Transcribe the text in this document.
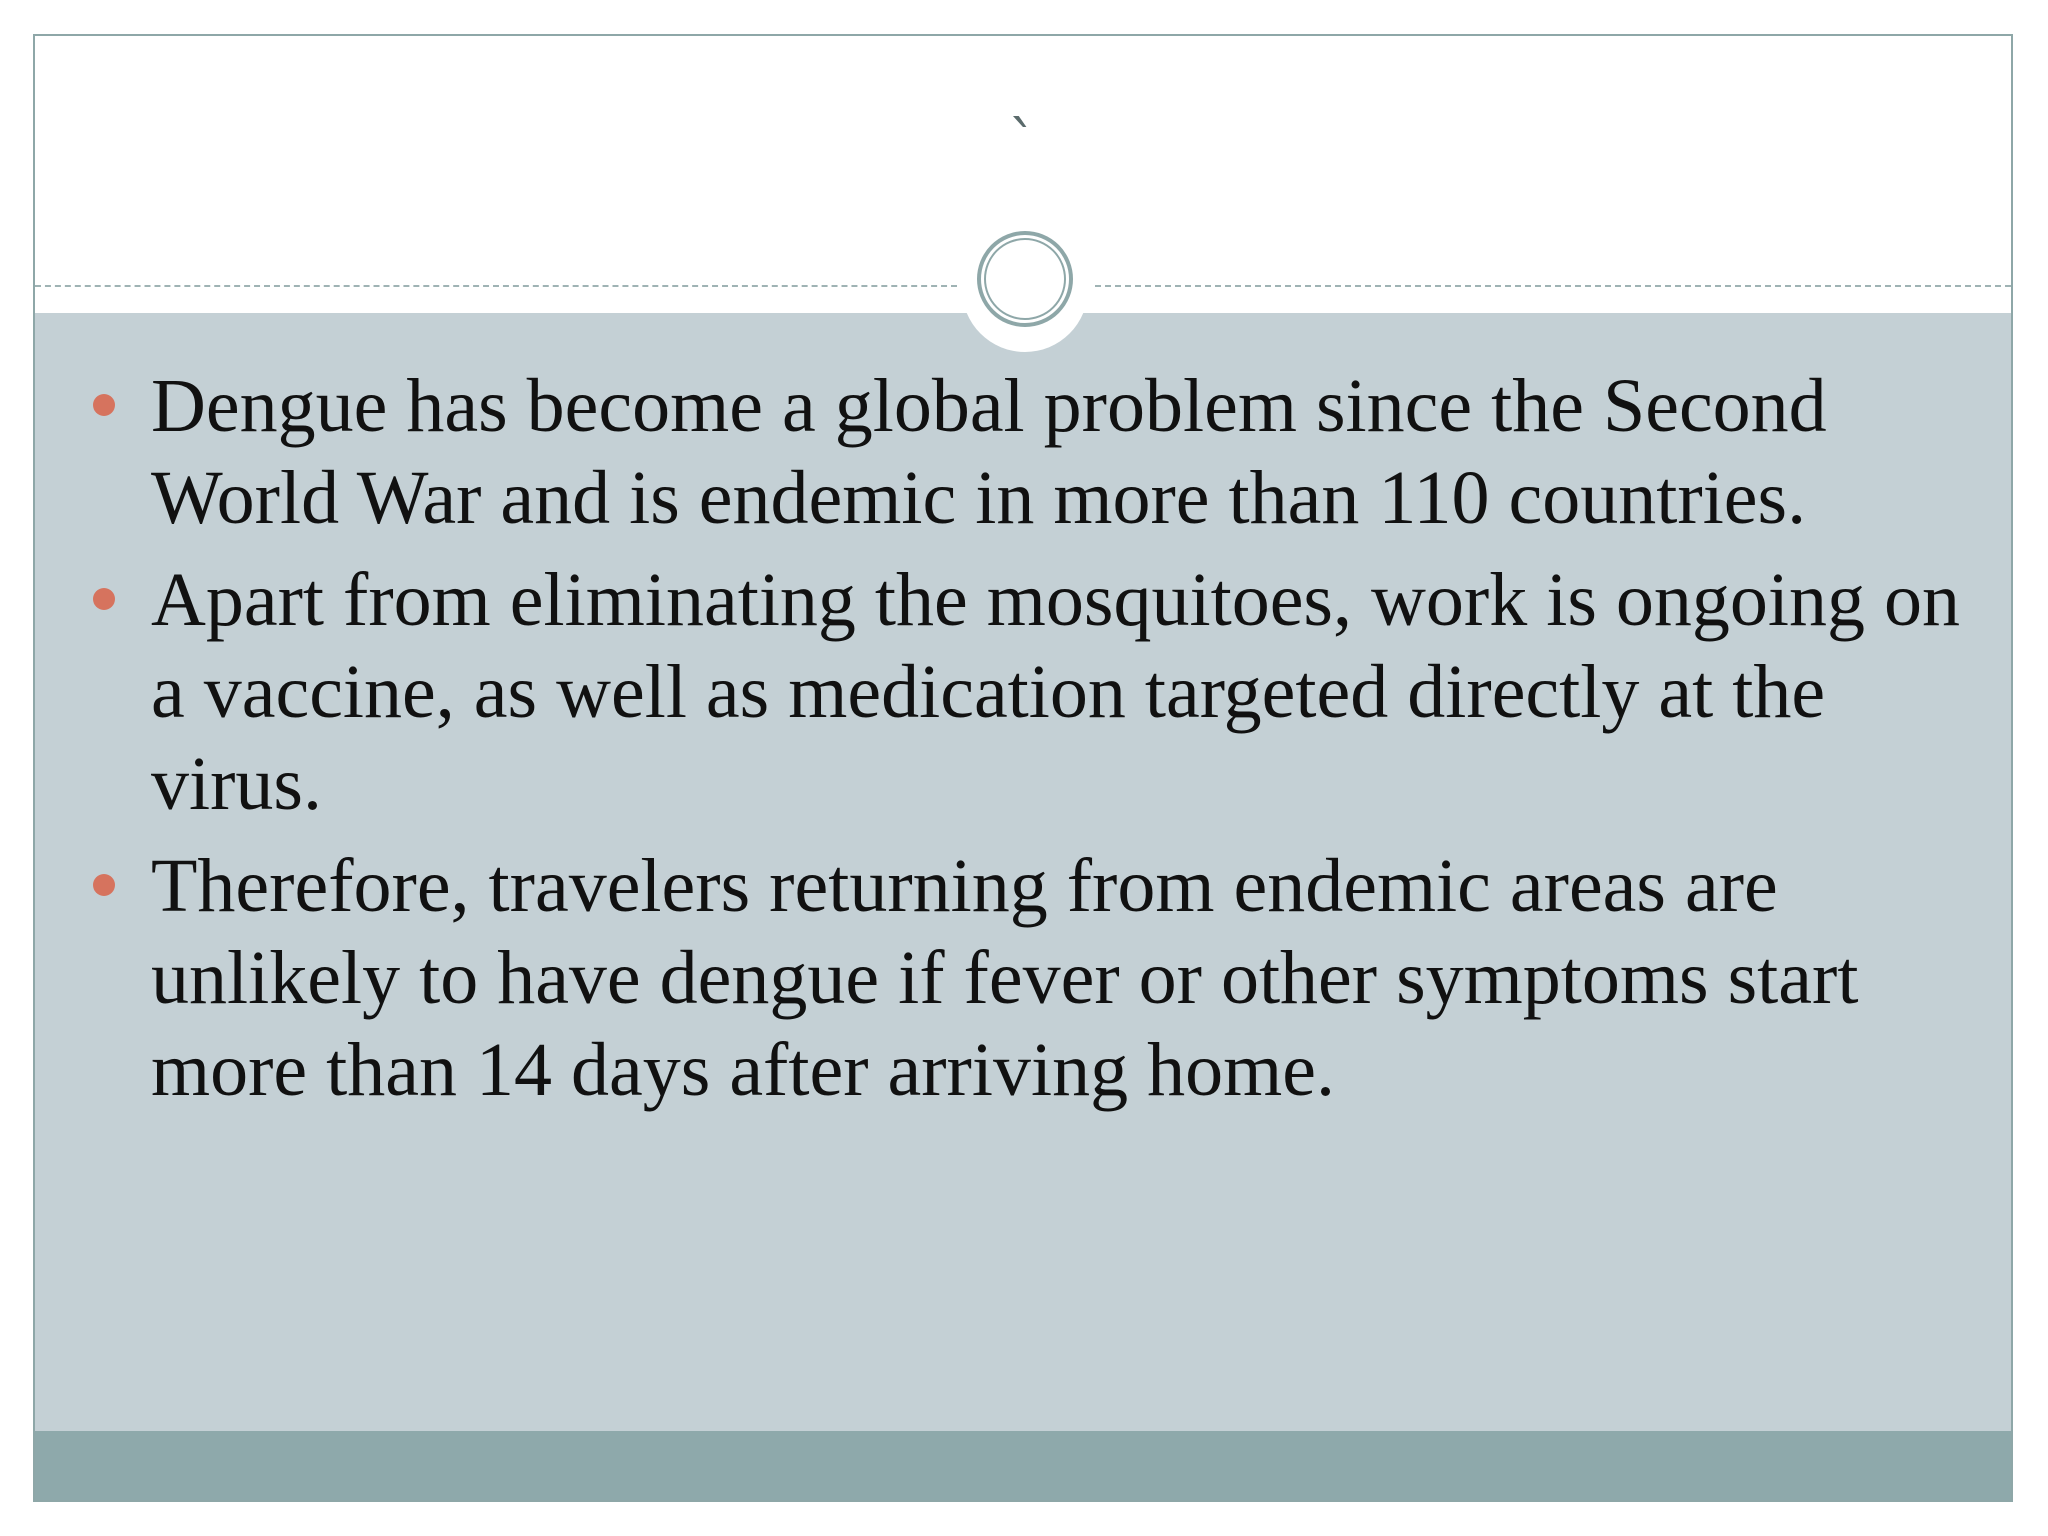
`
Dengue has become a global problem since the Second World War and is endemic in more than 110 countries.
Apart from eliminating the mosquitoes, work is ongoing on a vaccine, as well as medication targeted directly at the virus.
Therefore, travelers returning from endemic areas are unlikely to have dengue if fever or other symptoms start more than 14 days after arriving home.
